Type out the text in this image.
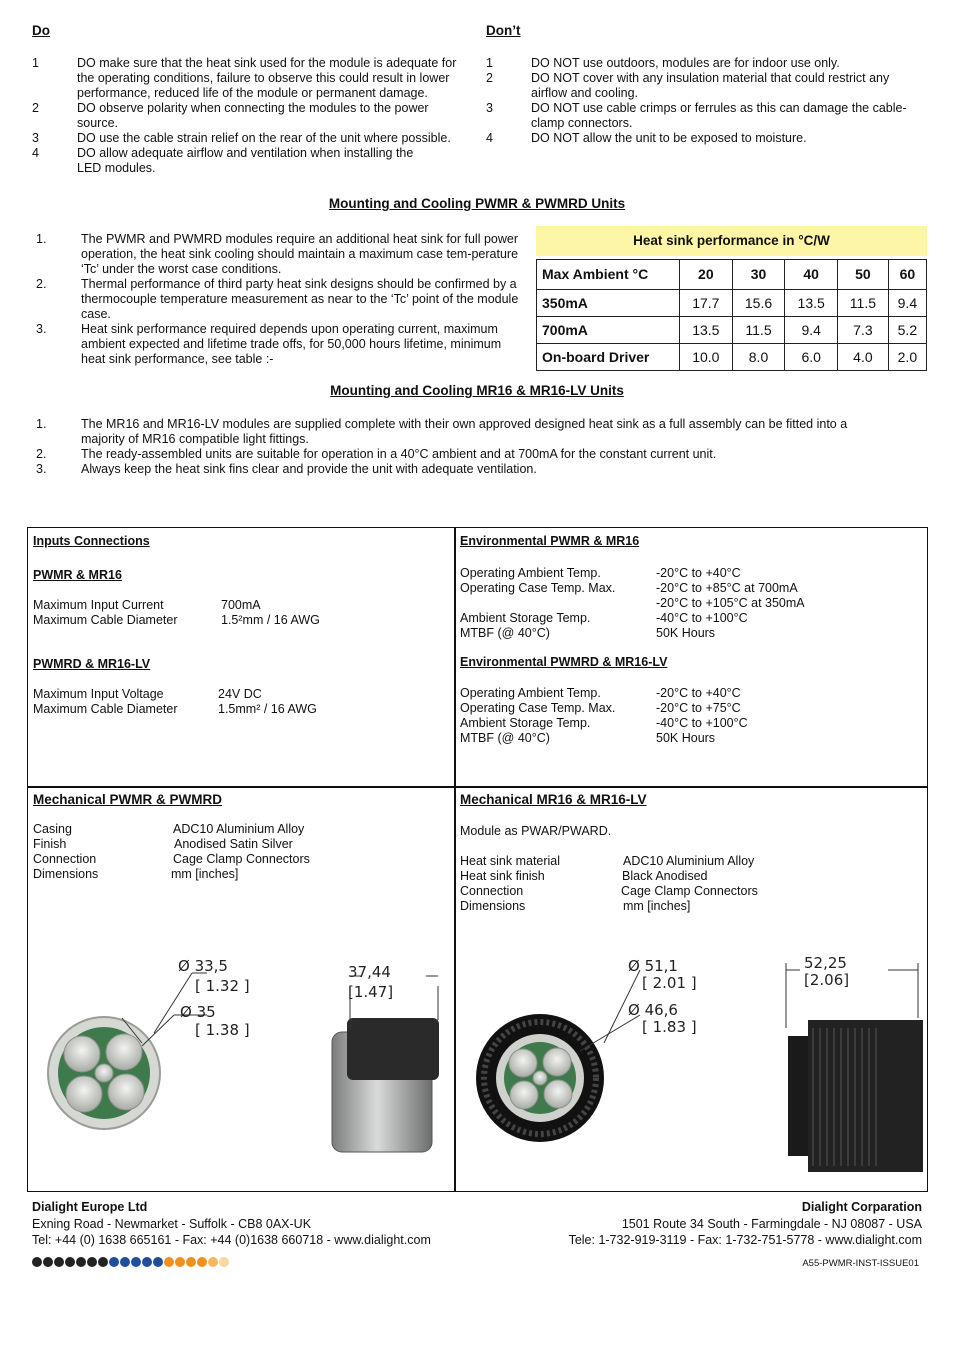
Do
1	DO make sure that the heat sink used for the module is adequate for the operating conditions, failure to observe this could result in lower performance, reduced life of the module or permanent damage.
2	DO observe polarity when connecting the modules to the power source.
3	DO use the cable strain relief on the rear of the unit where possible.
4	DO allow adequate airflow and ventilation when installing the LED modules.
Don’t
1	DO NOT use outdoors, modules are for indoor use only.
2	DO NOT cover with any insulation material that could restrict any airflow and cooling.
3	DO NOT use cable crimps or ferrules as this can damage the cable-clamp connectors.
4	DO NOT allow the unit to be exposed to moisture.
Mounting and Cooling PWMR & PWMRD Units
1.	The PWMR and PWMRD modules require an additional heat sink for full power operation, the heat sink cooling should maintain a maximum case tem-perature ‘Tc’ under the worst case conditions.
2.	Thermal performance of third party heat sink designs should be confirmed by a thermocouple temperature measurement as near to the ‘Tc’ point of the module case.
3.	Heat sink performance required depends upon operating current, maximum ambient expected and lifetime trade offs, for 50,000 hours lifetime, minimum heat sink performance, see table :-
Heat sink performance in °C/W
Max Ambient °C	20	30	40	50	60
350mA	17.7	15.6	13.5	11.5	9.4
700mA	13.5	11.5	9.4	7.3	5.2
On-board Driver	10.0	8.0	6.0	4.0	2.0
Mounting and Cooling MR16 & MR16-LV Units
1.	The MR16 and MR16-LV modules are supplied complete with their own approved designed heat sink as a full assembly can be fitted into a majority of MR16 compatible light fittings.
2.	The ready-assembled units are suitable for operation in a 40°C ambient and at 700mA for the constant current unit.
3.	Always keep the heat sink fins clear and provide the unit with adequate ventilation.
Inputs Connections
PWMR & MR16
Maximum Input Current	700mA
Maximum Cable Diameter	1.5²mm / 16 AWG
PWMRD & MR16-LV
Maximum Input Voltage	24V DC
Maximum Cable Diameter	1.5mm² / 16 AWG
Environmental PWMR & MR16
Operating Ambient Temp.	-20°C to +40°C
Operating Case Temp. Max.	-20°C to +85°C at 700mA
-20°C to +105°C at 350mA
Ambient Storage Temp.	-40°C to +100°C
MTBF (@ 40°C)	50K Hours
Environmental PWMRD & MR16-LV
Operating Ambient Temp.	-20°C to +40°C
Operating Case Temp. Max.	-20°C to +75°C
Ambient Storage Temp.	-40°C to +100°C
MTBF (@ 40°C)	50K Hours
Mechanical PWMR & PWMRD
Casing	ADC10 Aluminium Alloy
Finish	Anodised Satin Silver
Connection	Cage Clamp Connectors
Dimensions	mm [inches]
Ø 33,5
[ 1.32 ]
Ø 35
[ 1.38 ]
37,44
[1.47]
Mechanical MR16 & MR16-LV
Module as PWAR/PWARD.
Heat sink material	ADC10 Aluminium Alloy
Heat sink finish	Black Anodised
Connection	Cage Clamp Connectors
Dimensions	mm [inches]
Ø 51,1
[ 2.01 ]
Ø 46,6
[ 1.83 ]
52,25
[2.06]
Dialight Europe Ltd
Exning Road - Newmarket - Suffolk - CB8 0AX-UK
Tel: +44 (0) 1638 665161 - Fax: +44 (0)1638 660718 - www.dialight.com
Dialight Corparation
1501 Route 34 South - Farmingdale - NJ 08087 - USA
Tele: 1-732-919-3119 - Fax: 1-732-751-5778 - www.dialight.com
A55-PWMR-INST-ISSUE01
